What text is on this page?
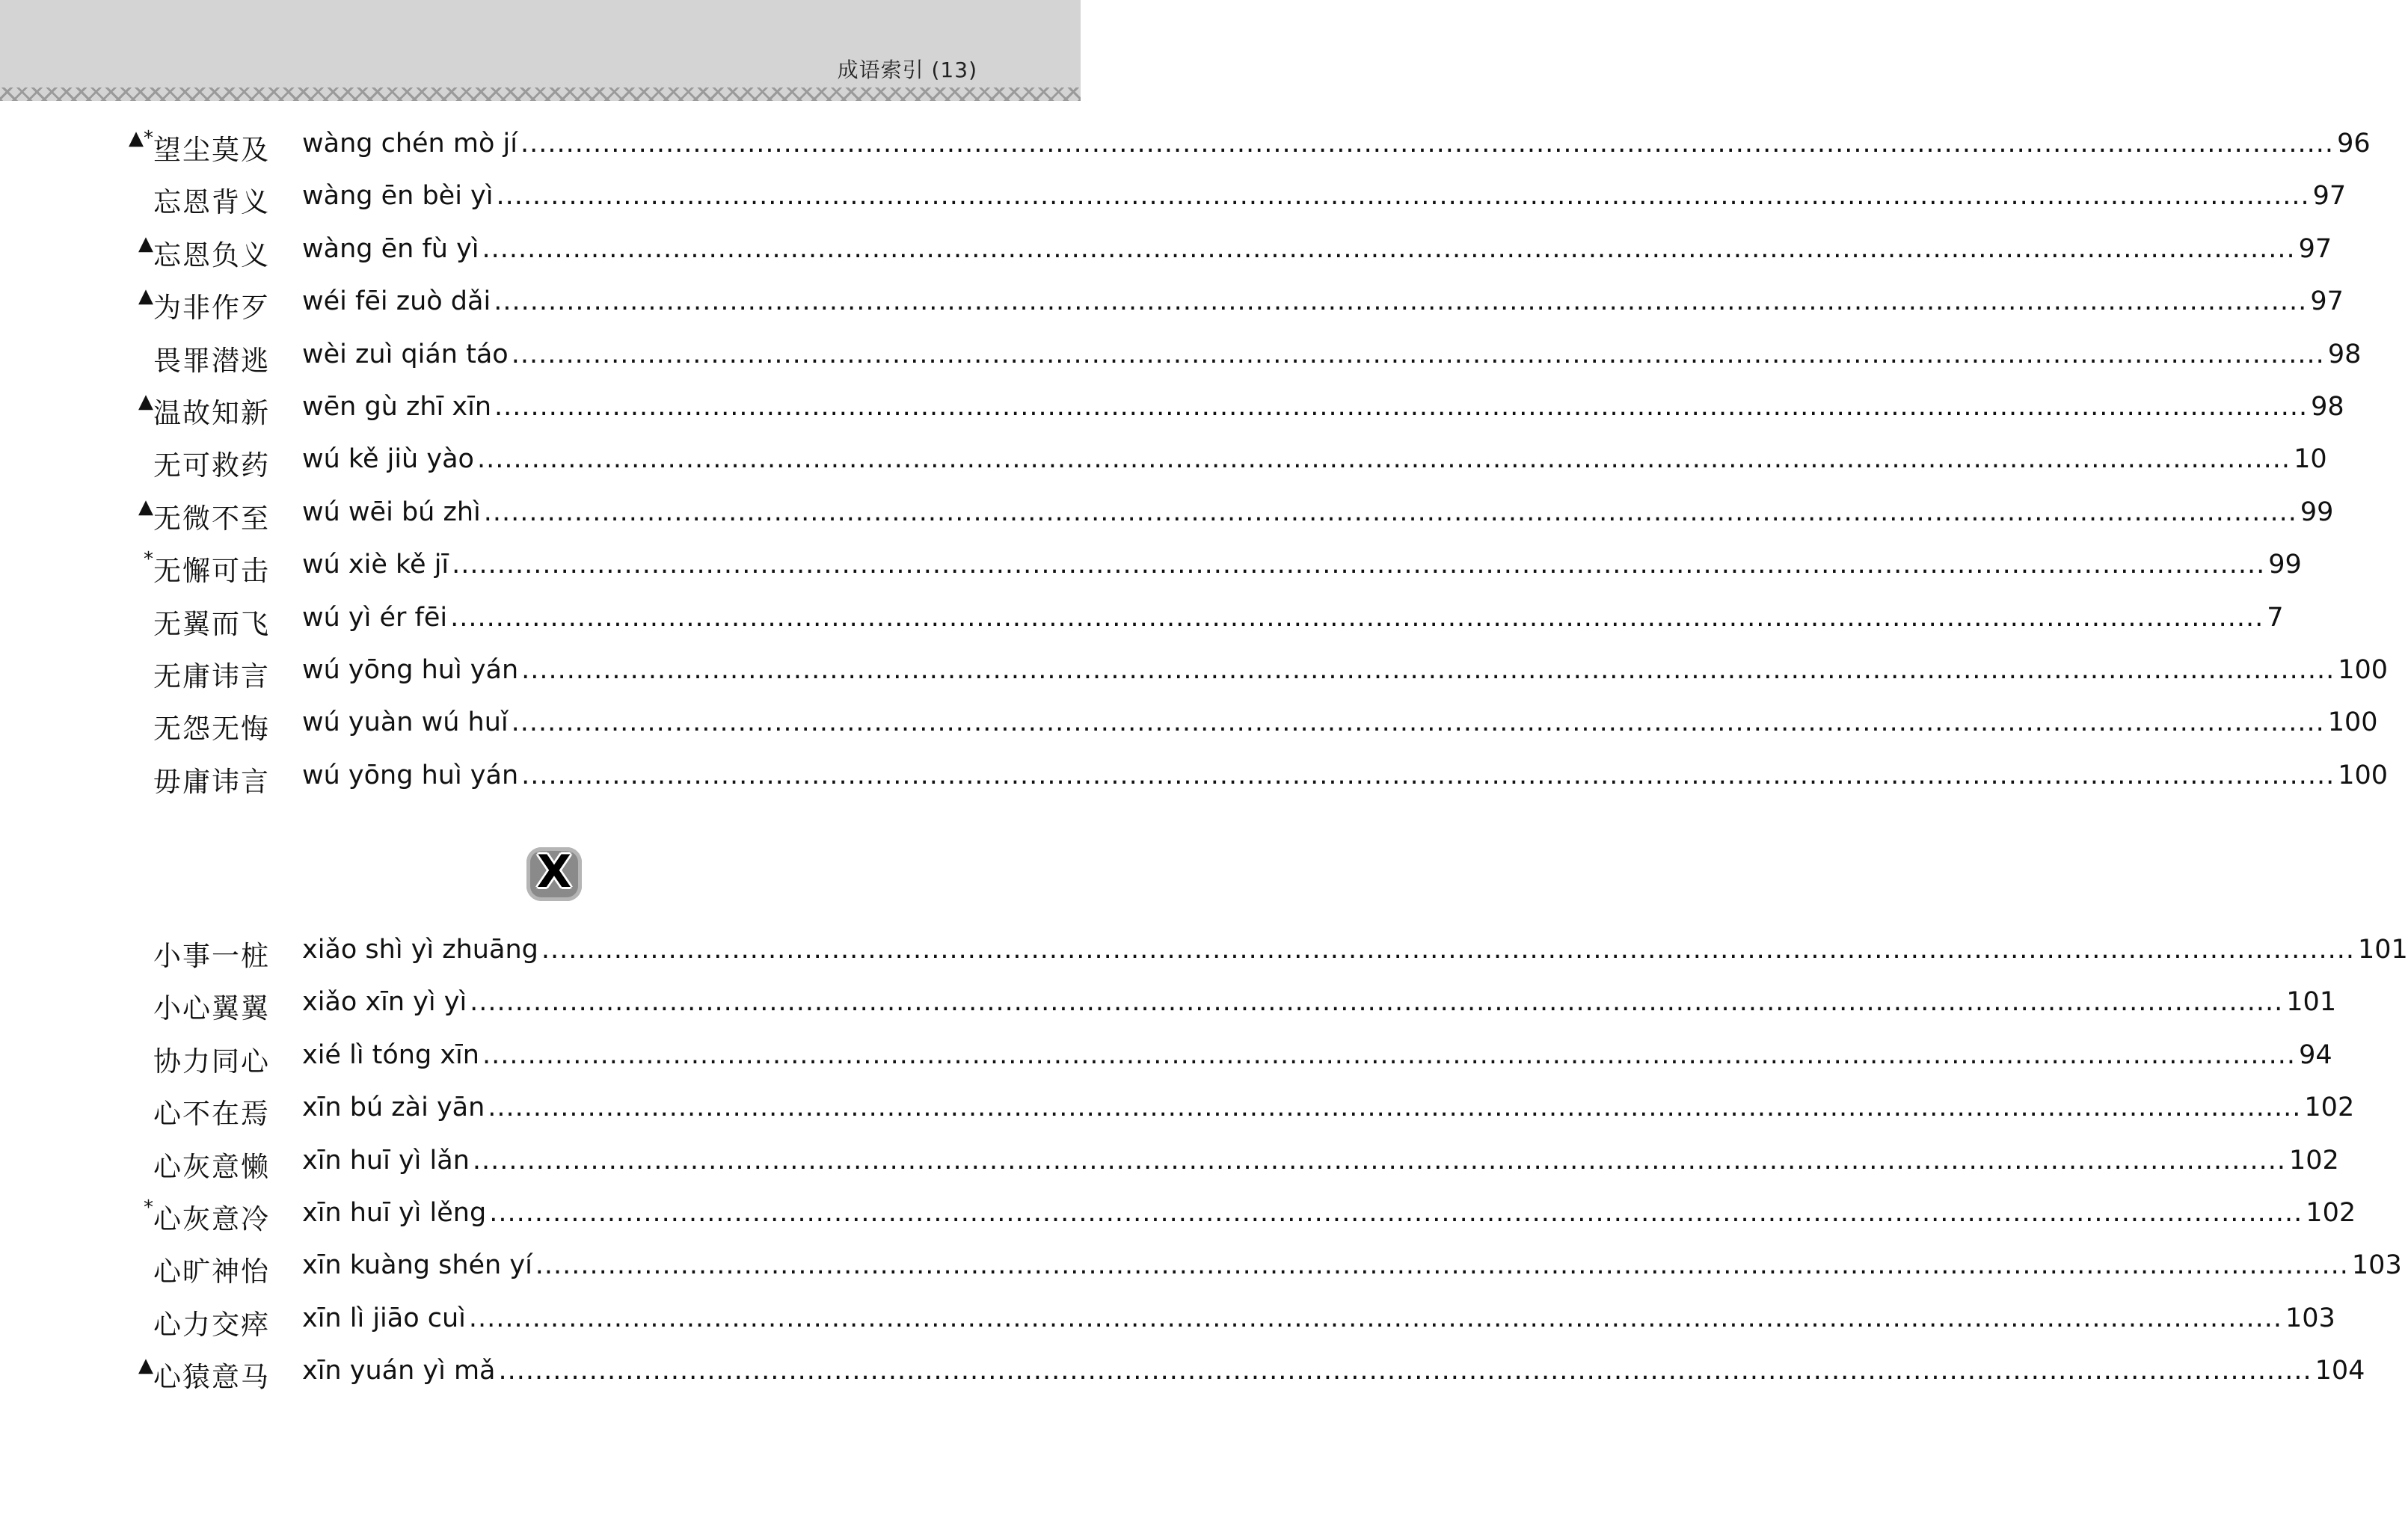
成语索引 (13)
▲* 望尘莫及 wàng chén mò jí ........................................................................................................................................................................................................ 96
忘恩背义 wàng ēn bèi yì ........................................................................................................................................................................................................ 97
▲ 忘恩负义 wàng ēn fù yì ........................................................................................................................................................................................................ 97
▲ 为非作歹 wéi fēi zuò dǎi ........................................................................................................................................................................................................ 97
畏罪潜逃 wèi zuì qián táo ........................................................................................................................................................................................................ 98
▲ 温故知新 wēn gù zhī xīn ........................................................................................................................................................................................................ 98
无可救药 wú kě jiù yào ........................................................................................................................................................................................................ 10
▲ 无微不至 wú wēi bú zhì ........................................................................................................................................................................................................ 99
* 无懈可击 wú xiè kě jī ........................................................................................................................................................................................................ 99
无翼而飞 wú yì ér fēi ........................................................................................................................................................................................................ 7
无庸讳言 wú yōng huì yán ........................................................................................................................................................................................................ 100
无怨无悔 wú yuàn wú huǐ ........................................................................................................................................................................................................ 100
毋庸讳言 wú yōng huì yán ........................................................................................................................................................................................................ 100
X
小事一桩 xiǎo shì yì zhuāng ........................................................................................................................................................................................................ 101
小心翼翼 xiǎo xīn yì yì ........................................................................................................................................................................................................ 101
协力同心 xié lì tóng xīn ........................................................................................................................................................................................................ 94
心不在焉 xīn bú zài yān ........................................................................................................................................................................................................ 102
心灰意懒 xīn huī yì lǎn ........................................................................................................................................................................................................ 102
* 心灰意冷 xīn huī yì lěng ........................................................................................................................................................................................................ 102
心旷神怡 xīn kuàng shén yí ........................................................................................................................................................................................................ 103
心力交瘁 xīn lì jiāo cuì ........................................................................................................................................................................................................ 103
▲ 心猿意马 xīn yuán yì mǎ ........................................................................................................................................................................................................ 104
